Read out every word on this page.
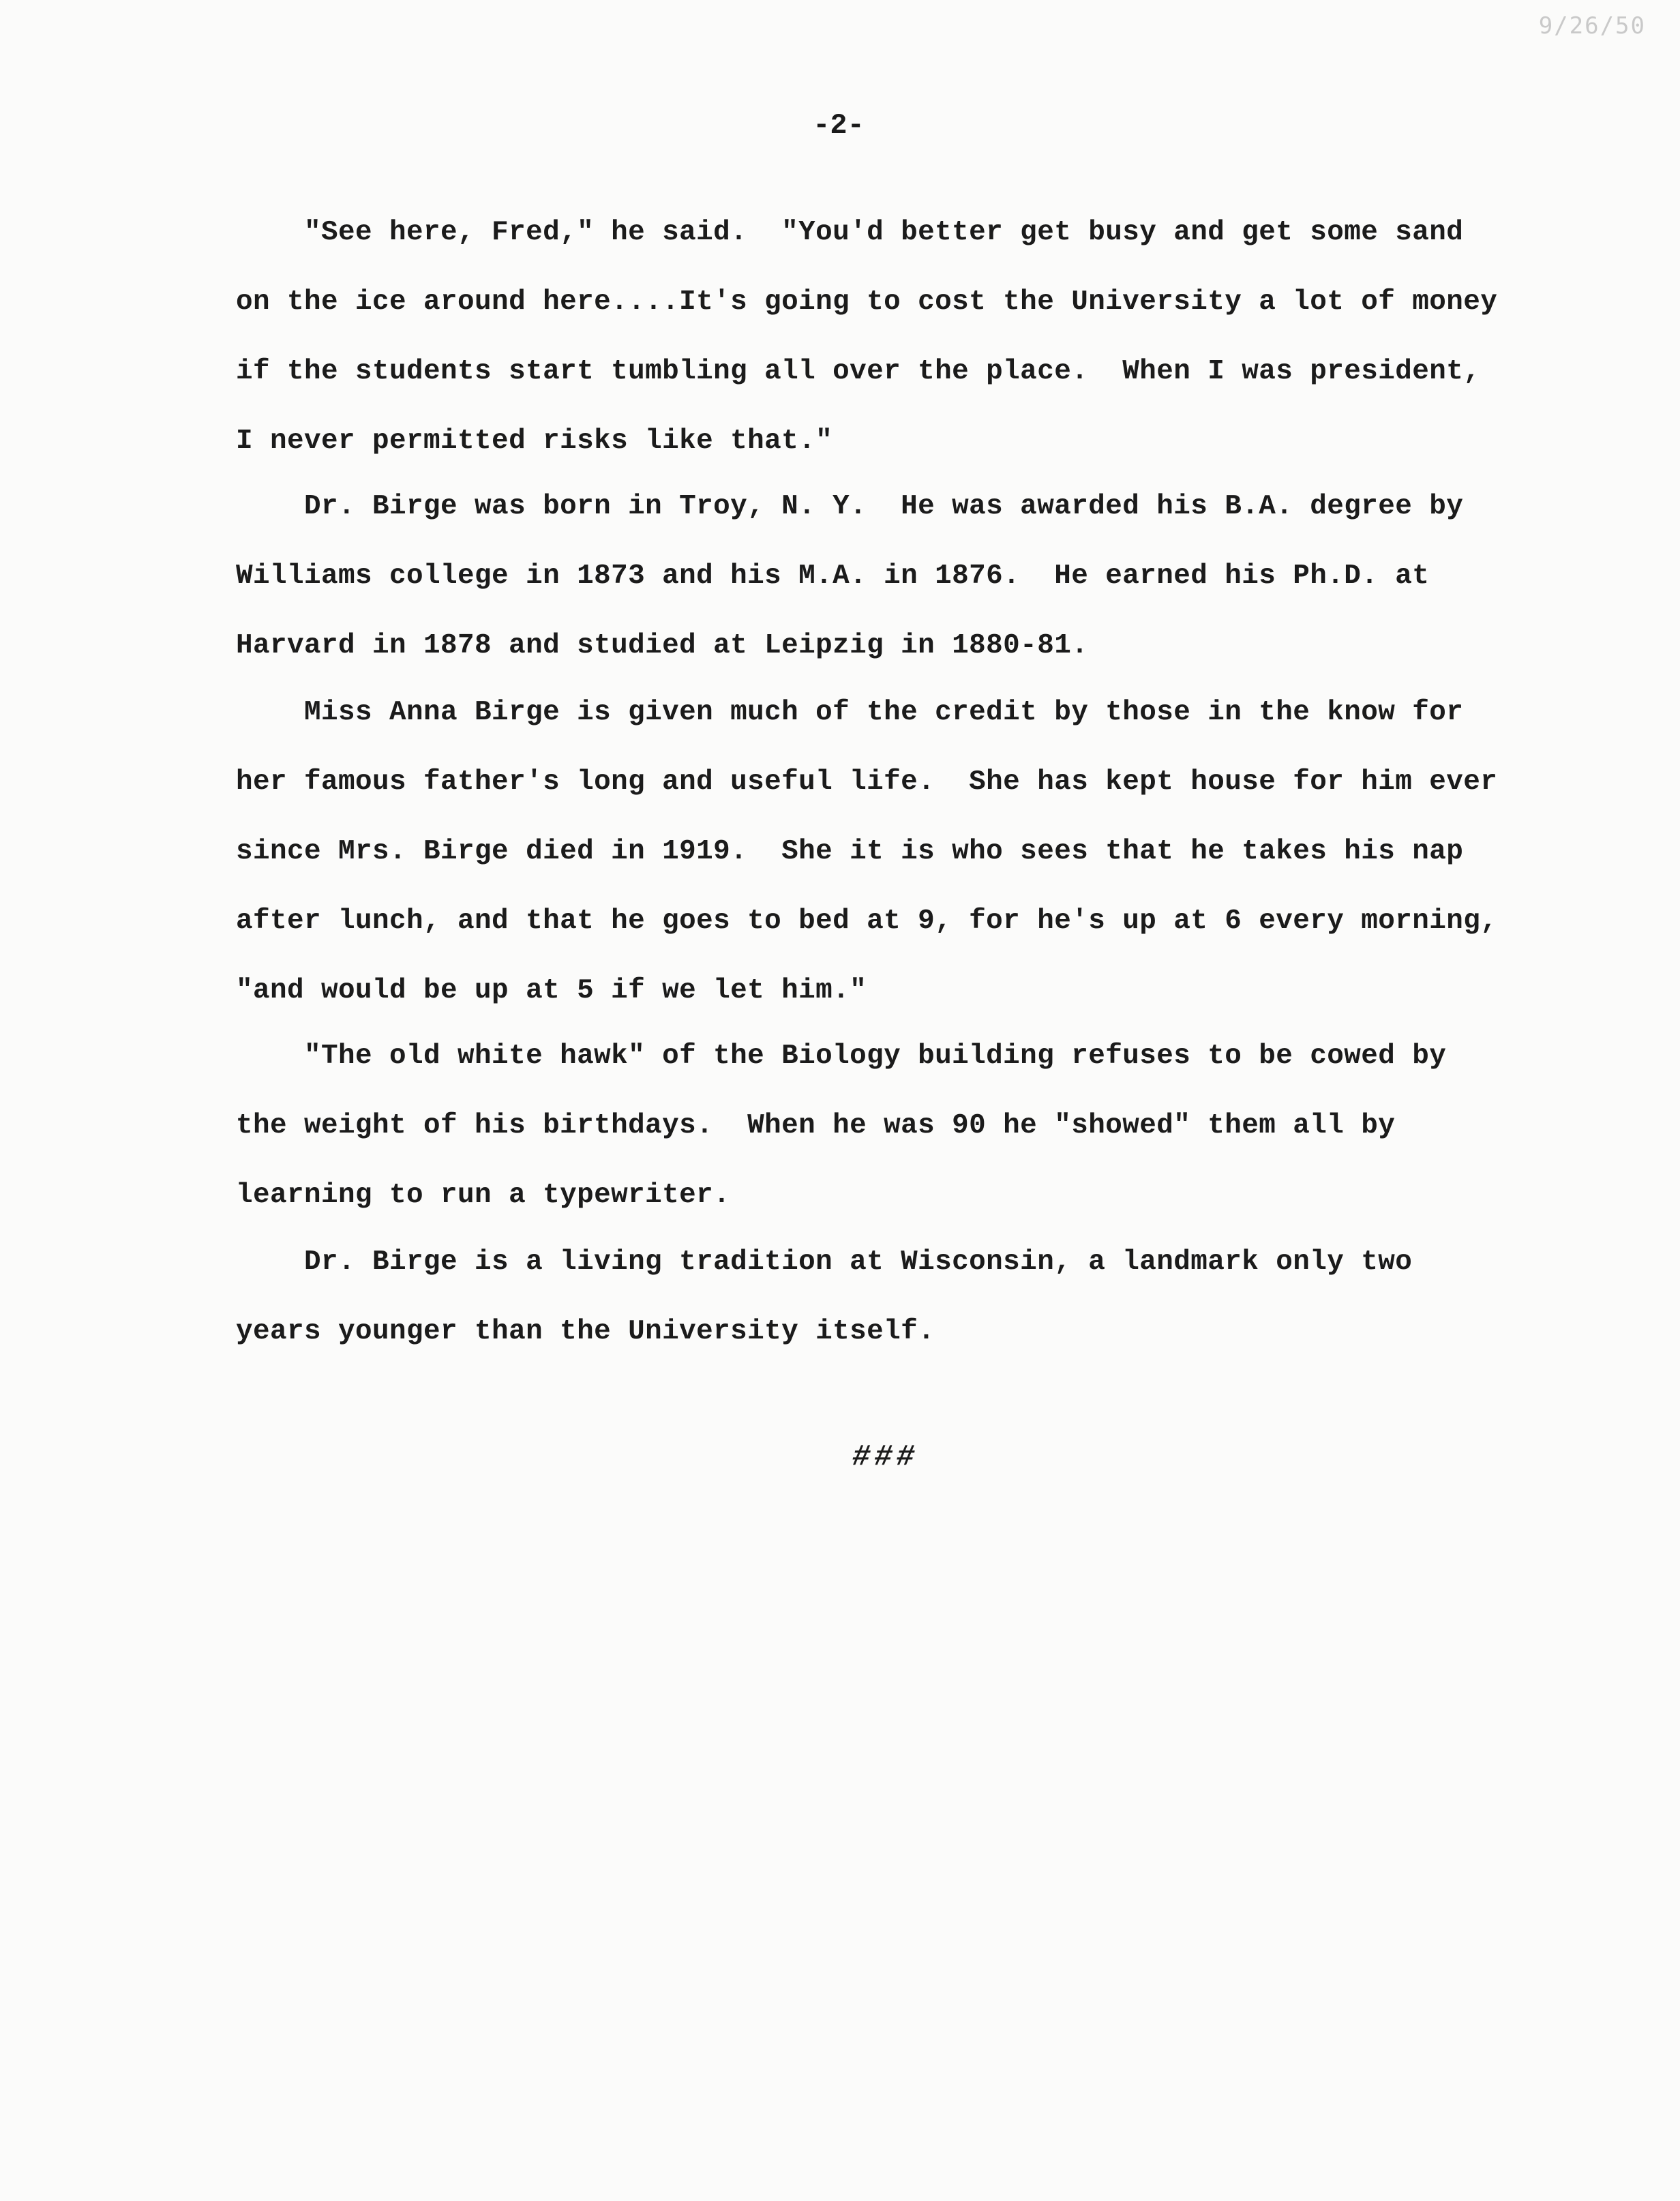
9/26/50
-2-
"See here, Fred," he said.  "You'd better get busy and get some sand
on the ice around here....It's going to cost the University a lot of money
if the students start tumbling all over the place.  When I was president,
I never permitted risks like that."
Dr. Birge was born in Troy, N. Y.  He was awarded his B.A. degree by
Williams college in 1873 and his M.A. in 1876.  He earned his Ph.D. at
Harvard in 1878 and studied at Leipzig in 1880-81.
Miss Anna Birge is given much of the credit by those in the know for
her famous father's long and useful life.  She has kept house for him ever
since Mrs. Birge died in 1919.  She it is who sees that he takes his nap
after lunch, and that he goes to bed at 9, for he's up at 6 every morning,
"and would be up at 5 if we let him."
"The old white hawk" of the Biology building refuses to be cowed by
the weight of his birthdays.  When he was 90 he "showed" them all by
learning to run a typewriter.
Dr. Birge is a living tradition at Wisconsin, a landmark only two
years younger than the University itself.
###
